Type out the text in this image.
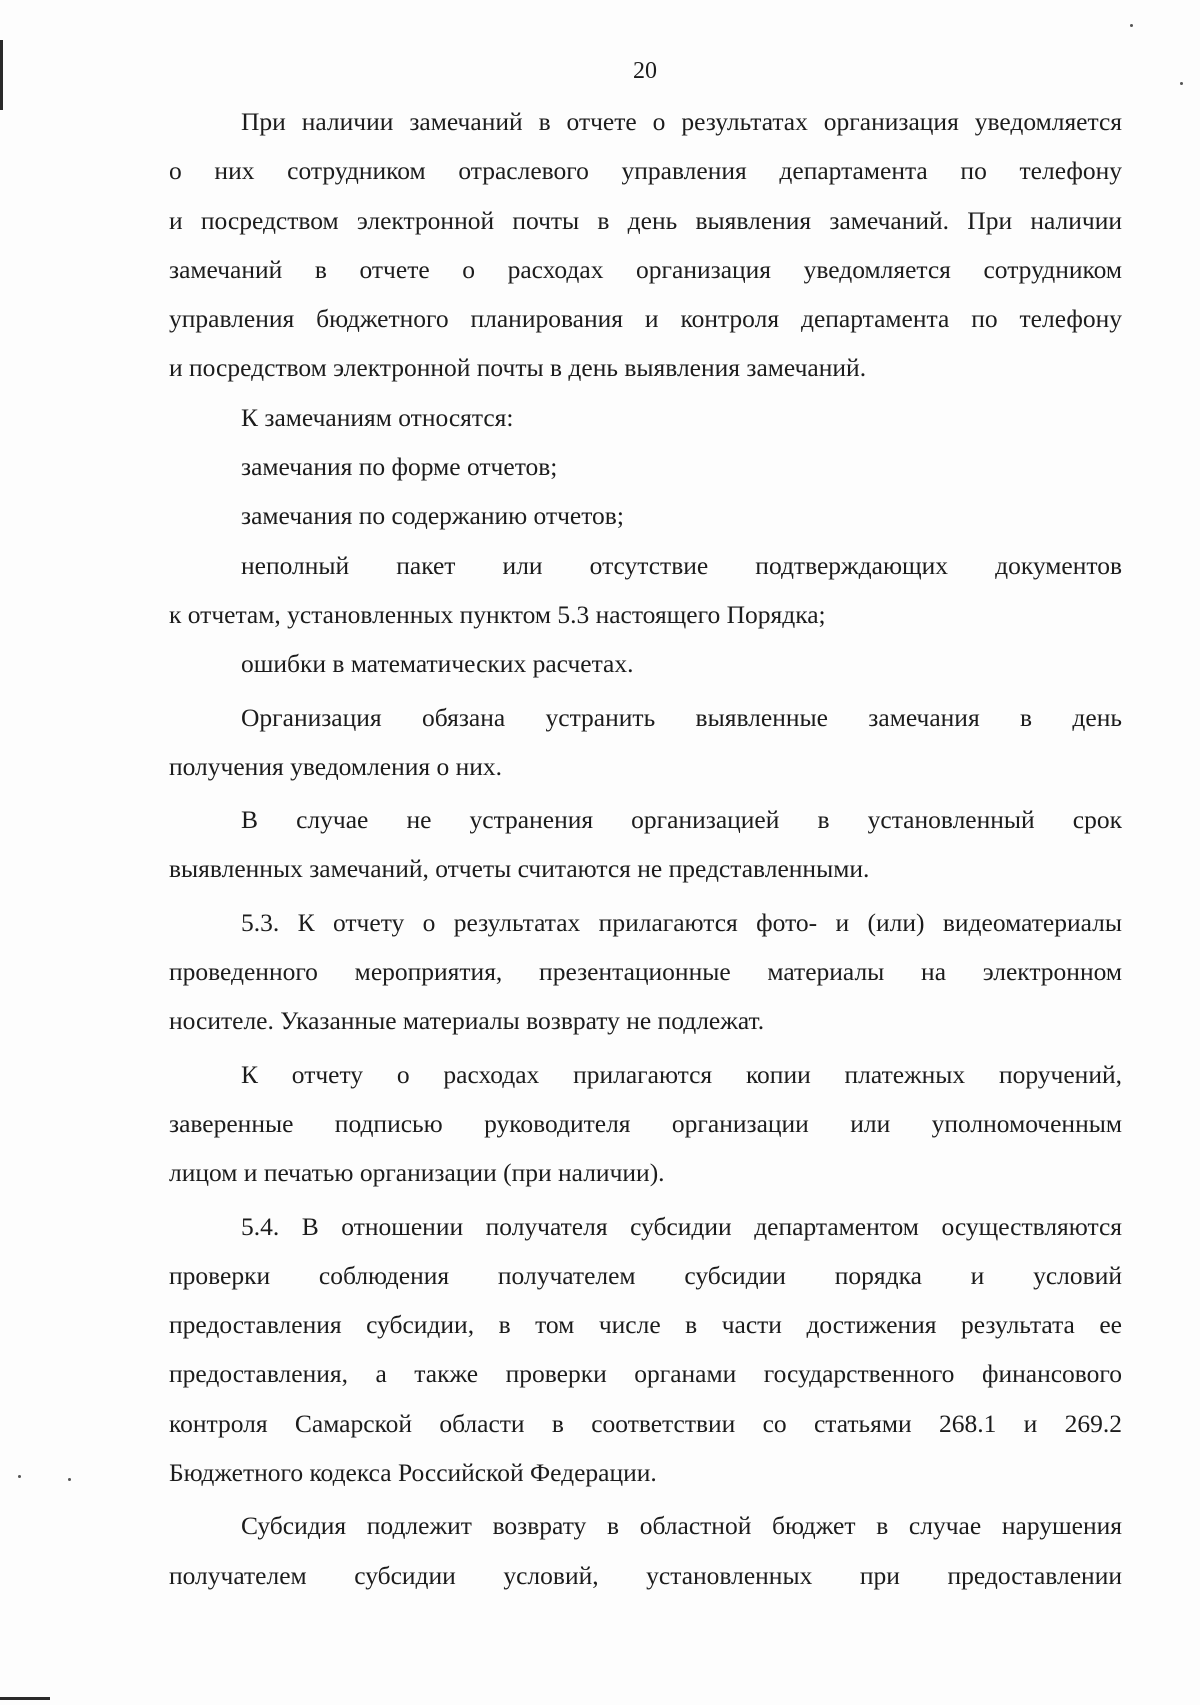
20

При наличии замечаний в отчете о результатах организация уведомляется

о них сотрудником отраслевого управления департамента по телефону

и посредством электронной почты в день выявления замечаний. При наличии

замечаний в отчете о расходах организация уведомляется сотрудником

управления бюджетного планирования и контроля департамента по телефону

и посредством электронной почты в день выявления замечаний.

К замечаниям относятся:

замечания по форме отчетов;

замечания по содержанию отчетов;

неполный пакет или отсутствие подтверждающих документов

к отчетам, установленных пунктом 5.3 настоящего Порядка;

ошибки в математических расчетах.

Организация обязана устранить выявленные замечания в день

получения уведомления о них.

В случае не устранения организацией в установленный срок

выявленных замечаний, отчеты считаются не представленными.

5.3. К отчету о результатах прилагаются фото- и (или) видеоматериалы

проведенного мероприятия, презентационные материалы на электронном

носителе. Указанные материалы возврату не подлежат.

К отчету о расходах прилагаются копии платежных поручений,

заверенные подписью руководителя организации или уполномоченным

лицом и печатью организации (при наличии).

5.4. В отношении получателя субсидии департаментом осуществляются

проверки соблюдения получателем субсидии порядка и условий

предоставления субсидии, в том числе в части достижения результата ее

предоставления, а также проверки органами государственного финансового

контроля Самарской области в соответствии со статьями 268.1 и 269.2

Бюджетного кодекса Российской Федерации.

Субсидия подлежит возврату в областной бюджет в случае нарушения

получателем субсидии условий, установленных при предоставлении
